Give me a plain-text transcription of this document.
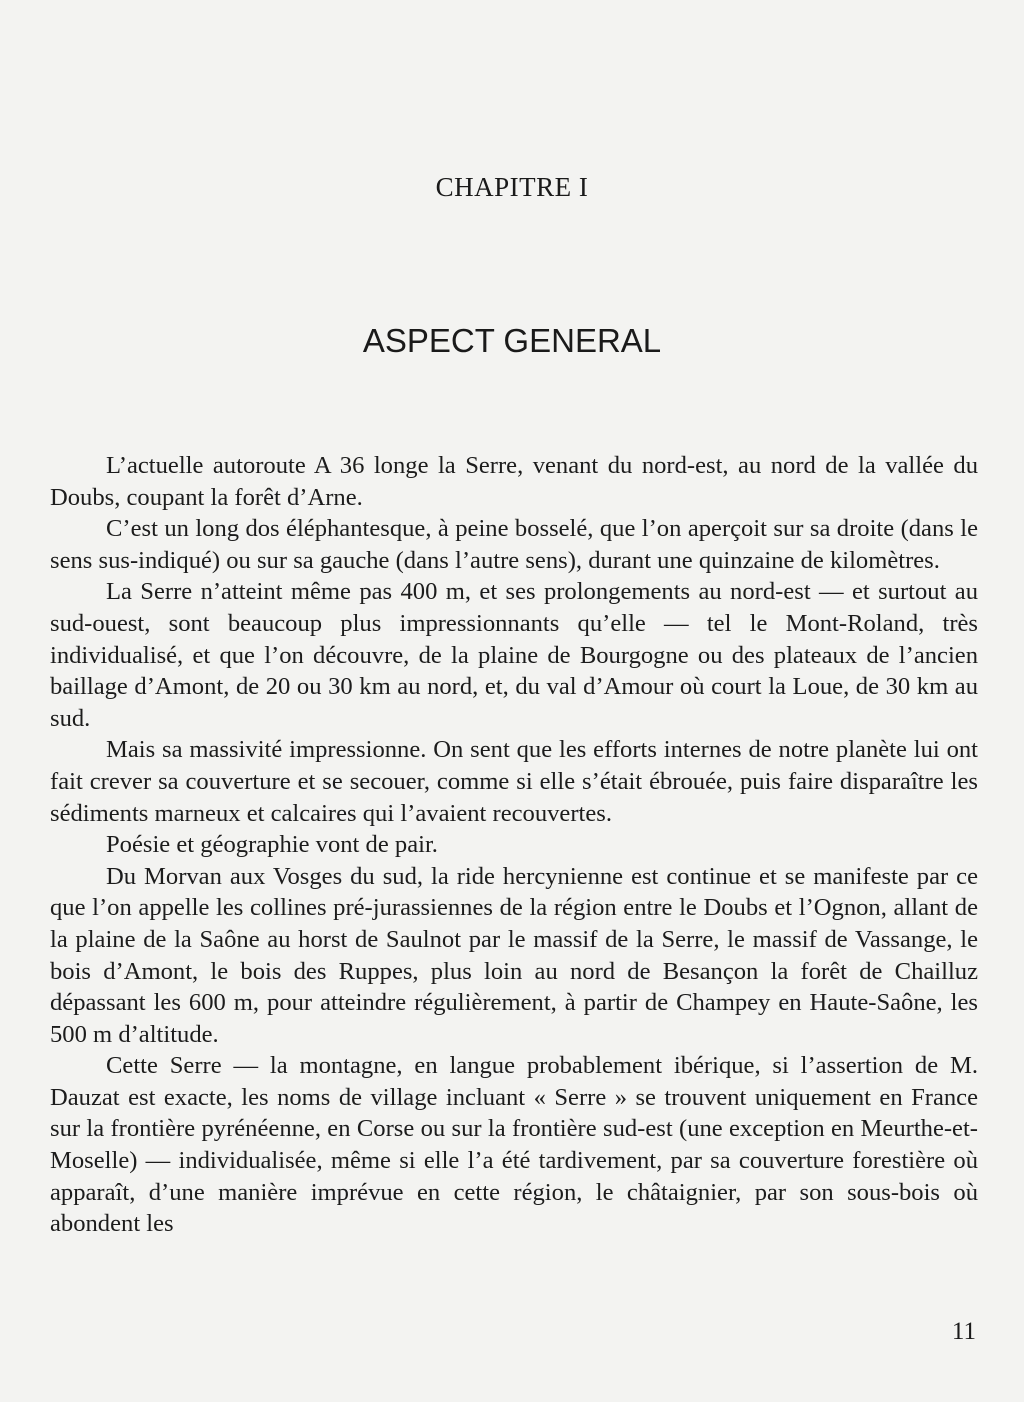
CHAPITRE I
ASPECT GENERAL

L’actuelle autoroute A 36 longe la Serre, venant du nord-est, au nord de la vallée du Doubs, coupant la forêt d’Arne.

C’est un long dos éléphantesque, à peine bosselé, que l’on aperçoit sur sa droite (dans le sens sus-indiqué) ou sur sa gauche (dans l’autre sens), durant une quinzaine de kilomètres.

La Serre n’atteint même pas 400 m, et ses prolongements au nord-est — et surtout au sud-ouest, sont beaucoup plus impressionnants qu’elle — tel le Mont-Roland, très individualisé, et que l’on découvre, de la plaine de Bourgogne ou des plateaux de l’ancien baillage d’Amont, de 20 ou 30 km au nord, et, du val d’Amour où court la Loue, de 30 km au sud.

Mais sa massivité impressionne. On sent que les efforts internes de notre planète lui ont fait crever sa couverture et se secouer, comme si elle s’était ébrouée, puis faire disparaître les sédiments marneux et calcaires qui l’avaient recouvertes.

Poésie et géographie vont de pair.

Du Morvan aux Vosges du sud, la ride hercynienne est continue et se manifeste par ce que l’on appelle les collines pré-jurassiennes de la région entre le Doubs et l’Ognon, allant de la plaine de la Saône au horst de Saulnot par le massif de la Serre, le massif de Vassange, le bois d’Amont, le bois des Ruppes, plus loin au nord de Besançon la forêt de Chailluz dépassant les 600 m, pour atteindre régulièrement, à partir de Champey en Haute-Saône, les 500 m d’altitude.

Cette Serre — la montagne, en langue probablement ibérique, si l’assertion de M. Dauzat est exacte, les noms de village incluant « Serre » se trouvent uniquement en France sur la frontière pyrénéenne, en Corse ou sur la frontière sud-est (une exception en Meurthe-et-Moselle) — individualisée, même si elle l’a été tardivement, par sa couverture forestière où apparaît, d’une manière imprévue en cette région, le châtaignier, par son sous-bois où abondent les

11
